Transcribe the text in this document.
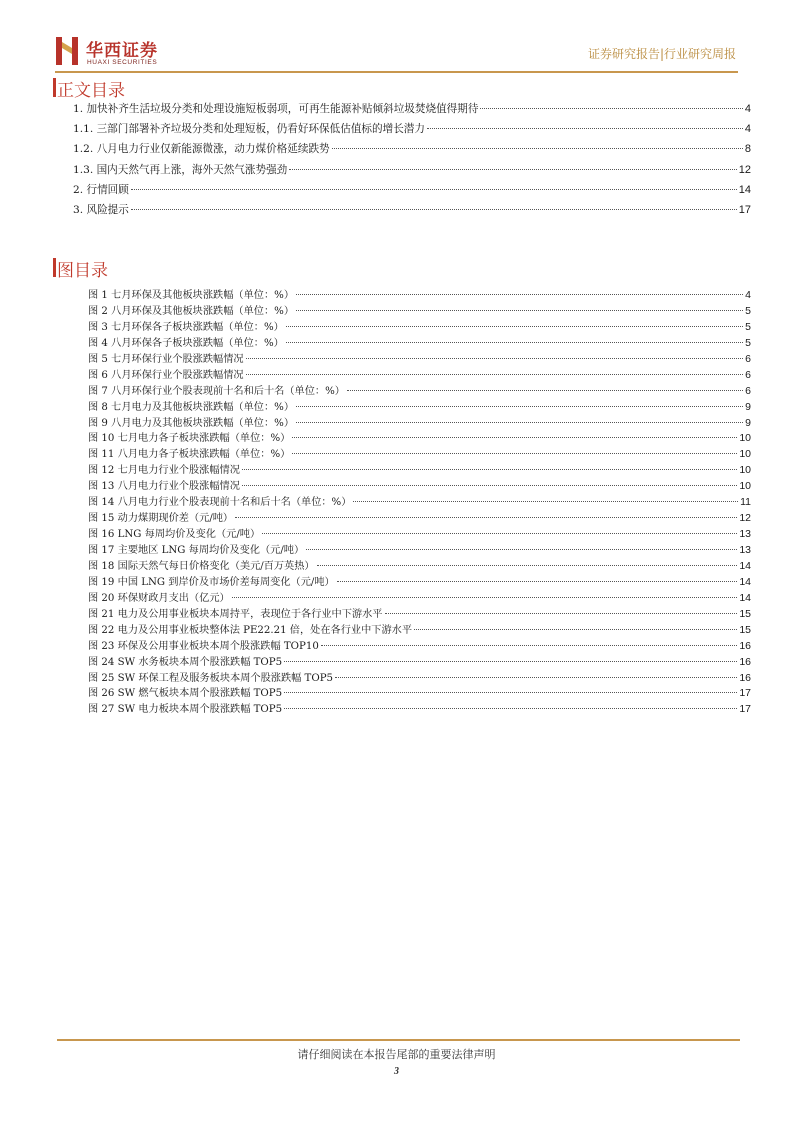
华西证券
HUAXI SECURITIES
证券研究报告|行业研究周报
正文目录
1. 加快补齐生活垃圾分类和处理设施短板弱项，可再生能源补贴倾斜垃圾焚烧值得期待	4
1.1. 三部门部署补齐垃圾分类和处理短板，仍看好环保低估值标的增长潜力	4
1.2. 八月电力行业仅新能源微涨，动力煤价格延续跌势	8
1.3. 国内天然气再上涨，海外天然气涨势强劲	12
2. 行情回顾	14
3. 风险提示	17
图目录
图 1 七月环保及其他板块涨跌幅（单位：%）	4
图 2 八月环保及其他板块涨跌幅（单位：%）	5
图 3 七月环保各子板块涨跌幅（单位：%）	5
图 4 八月环保各子板块涨跌幅（单位：%）	5
图 5 七月环保行业个股涨跌幅情况	6
图 6 八月环保行业个股涨跌幅情况	6
图 7 八月环保行业个股表现前十名和后十名（单位：%）	6
图 8 七月电力及其他板块涨跌幅（单位：%）	9
图 9 八月电力及其他板块涨跌幅（单位：%）	9
图 10 七月电力各子板块涨跌幅（单位：%）	10
图 11 八月电力各子板块涨跌幅（单位：%）	10
图 12 七月电力行业个股涨幅情况	10
图 13 八月电力行业个股涨幅情况	10
图 14 八月电力行业个股表现前十名和后十名（单位：%）	11
图 15 动力煤期现价差（元/吨）	12
图 16 LNG 每周均价及变化（元/吨）	13
图 17 主要地区 LNG 每周均价及变化（元/吨）	13
图 18 国际天然气每日价格变化（美元/百万英热）	14
图 19 中国 LNG 到岸价及市场价差每周变化（元/吨）	14
图 20 环保财政月支出（亿元）	14
图 21 电力及公用事业板块本周持平，表现位于各行业中下游水平	15
图 22 电力及公用事业板块整体法 PE22.21 倍，处在各行业中下游水平	15
图 23 环保及公用事业板块本周个股涨跌幅 TOP10	16
图 24 SW 水务板块本周个股涨跌幅 TOP5	16
图 25 SW 环保工程及服务板块本周个股涨跌幅 TOP5	16
图 26 SW 燃气板块本周个股涨跌幅 TOP5	17
图 27 SW 电力板块本周个股涨跌幅 TOP5	17
请仔细阅读在本报告尾部的重要法律声明
3
